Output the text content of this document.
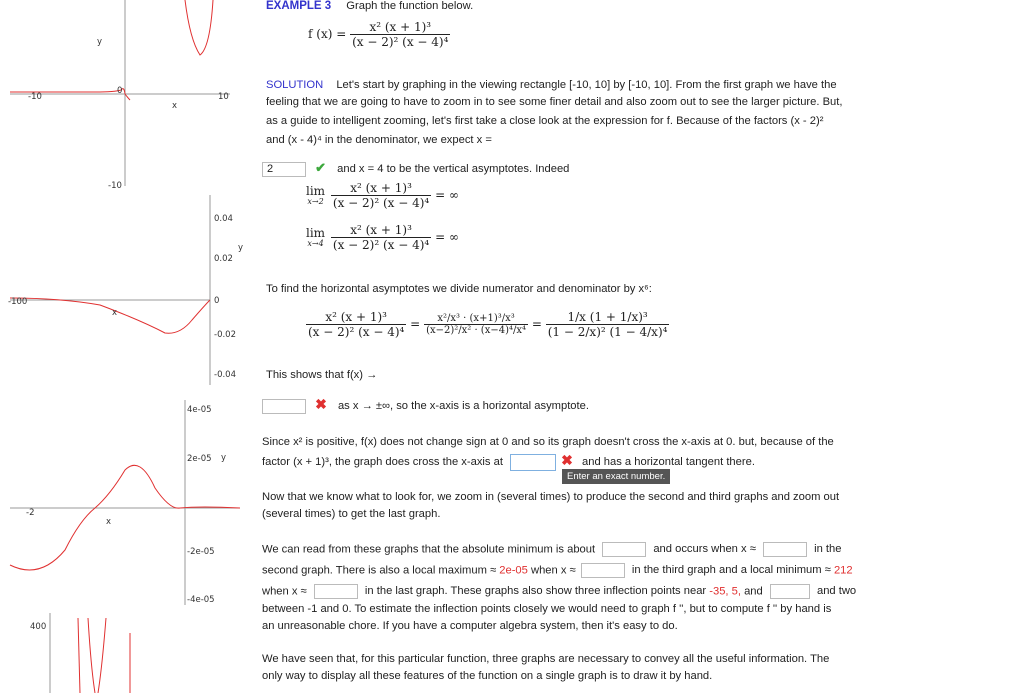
-10	10
0
-10
y
x
-100	0
0.04
0.02
-0.02
-0.04
y
x
4e-05
2e-05
-2e-05
-4e-05
-2
y
x
400
EXAMPLE 3 Graph the function below.
f $(x) = \frac{\text{x² (x + 1)³}}{\text{(x − 2)² (x − 4)⁴}}$
SOLUTION Let's start by graphing in the viewing rectangle [-10, 10] by [-10, 10]. From the first graph we have the
feeling that we are going to have to zoom in to see some finer detail and also zoom out to see the larger picture. But,
as a guide to intelligent zooming, let's first take a close look at the expression for f. Because of the factors (x - 2)²
and (x - 4)⁴ in the denominator, we expect x =
2	✔ and x = 4 to be the vertical asymptotes. Indeed
lim
x→2
$\frac{\text{x² (x + 1)³}}{\text{(x − 2)² (x − 4)⁴}}$ = ∞
lim
x→4
$\frac{\text{x² (x + 1)³}}{\text{(x − 2)² (x − 4)⁴}}$ = ∞
To find the horizontal asymptotes we divide numerator and denominator by x⁶:
$\frac{\text{x² (x + 1)³}}{\text{(x − 2)² (x − 4)⁴}} = \frac{\text{x²/x³ · (x+1)³/x³}}{\text{(x−2)²/x² · (x−4)⁴/x⁴}} = \frac{\text{1/x (1 + 1/x)³}}{\text{(1 − 2/x)² (1 − 4/x)⁴}}$
This shows that f(x) →
✖ as x → ±∞, so the x-axis is a horizontal asymptote.
Since x² is positive, f(x) does not change sign at 0 and so its graph doesn't cross the x-axis at 0. but, because of the
factor (x + 1)³, the graph does cross the x-axis at	✖ and has a horizontal tangent there.
Enter an exact number.
Now that we know what to look for, we zoom in (several times) to produce the second and third graphs and zoom out
(several times) to get the last graph.
We can read from these graphs that the absolute minimum is about	and occurs when x ≈	in the
second graph. There is also a local maximum ≈ 2e-05 when x ≈	in the third graph and a local minimum ≈ 212
when x ≈	in the last graph. These graphs also show three inflection points near -35, 5, and	and two
between -1 and 0. To estimate the inflection points closely we would need to graph f '', but to compute f '' by hand is
an unreasonable chore. If you have a computer algebra system, then it's easy to do.
We have seen that, for this particular function, three graphs are necessary to convey all the useful information. The
only way to display all these features of the function on a single graph is to draw it by hand.
